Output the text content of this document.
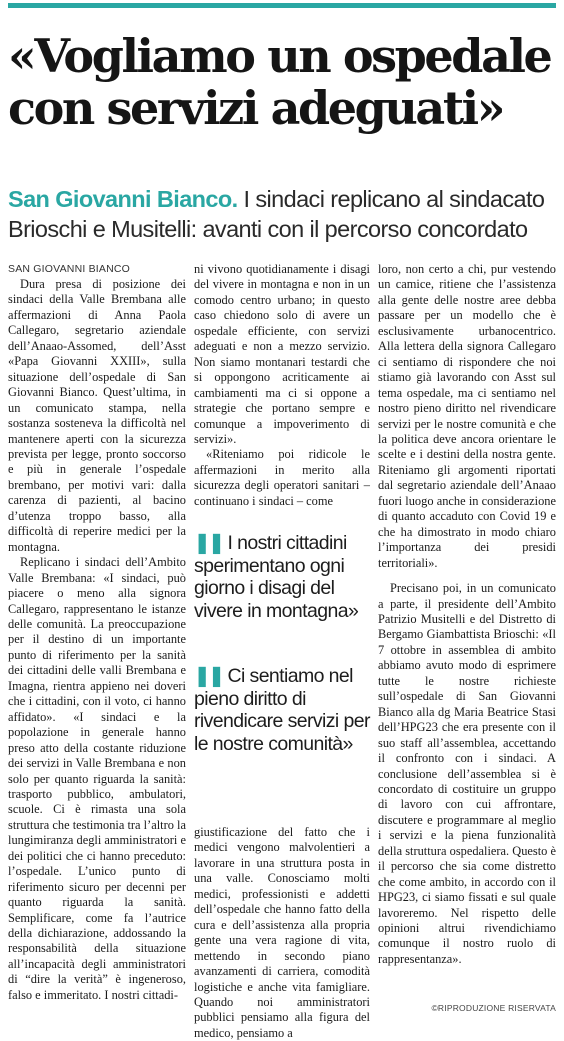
«Vogliamo un ospedale
con servizi adeguati»
San Giovanni Bianco. I sindaci replicano al sindacato
Brioschi e Musitelli: avanti con il percorso concordato
SAN GIOVANNI BIANCO

Dura presa di posizione dei sindaci della Valle Brembana alle affermazioni di Anna Paola Callegaro, segretario aziendale dell’Anaao-Assomed, dell’Asst «Papa Giovanni XXIII», sulla situazione dell’ospedale di San Giovanni Bianco. Quest’ultima, in un comunicato stampa, nella sostanza sosteneva la difficoltà nel mantenere aperti con la sicurezza prevista per legge, pronto soccorso e più in generale l’ospedale brembano, per motivi vari: dalla carenza di pazienti, al bacino d’utenza troppo basso, alla difficoltà di reperire medici per la montagna.

Replicano i sindaci dell’Ambito Valle Brembana: «I sindaci, può piacere o meno alla signora Callegaro, rappresentano le istanze delle comunità. La preoccupazione per il destino di un importante punto di riferimento per la sanità dei cittadini delle valli Brembana e Imagna, rientra appieno nei doveri che i cittadini, con il voto, ci hanno affidato». «I sindaci e la popolazione in generale hanno preso atto della costante riduzione dei servizi in Valle Brembana e non solo per quanto riguarda la sanità: trasporto pubblico, ambulatori, scuole. Ci è rimasta una sola struttura che testimonia tra l’altro la lungimiranza degli amministratori e dei politici che ci hanno preceduto: l’ospedale. L’unico punto di riferimento sicuro per decenni per quanto riguarda la sanità. Semplificare, come fa l’autrice della dichiarazione, addossando la responsabilità della situazione all’incapacità degli amministratori di “dire la verità” è ingeneroso, falso e immeritato. I nostri cittadi-

ni vivono quotidianamente i disagi del vivere in montagna e non in un comodo centro urbano; in questo caso chiedono solo di avere un ospedale efficiente, con servizi adeguati e non a mezzo servizio. Non siamo montanari testardi che si oppongono acriticamente ai cambiamenti ma ci si oppone a strategie che portano sempre e comunque a impoverimento di servizi».

«Riteniamo poi ridicole le affermazioni in merito alla sicurezza degli operatori sanitari – continuano i sindaci – come

❚❚ I nostri cittadini sperimentano ogni giorno i disagi del vivere in montagna»
❚❚ Ci sentiamo nel pieno diritto di rivendicare servizi per le nostre comunità»

giustificazione del fatto che i medici vengono malvolentieri a lavorare in una struttura posta in una valle. Conosciamo molti medici, professionisti e addetti dell’ospedale che hanno fatto della cura e dell’assistenza alla propria gente una vera ragione di vita, mettendo in secondo piano avanzamenti di carriera, comodità logistiche e anche vita famigliare. Quando noi amministratori pubblici pensiamo alla figura del medico, pensiamo a

loro, non certo a chi, pur vestendo un camice, ritiene che l’assistenza alla gente delle nostre aree debba passare per un modello che è esclusivamente urbanocentrico. Alla lettera della signora Callegaro ci sentiamo di rispondere che noi stiamo già lavorando con Asst sul tema ospedale, ma ci sentiamo nel nostro pieno diritto nel rivendicare servizi per le nostre comunità e che la politica deve ancora orientare le scelte e i destini della nostra gente. Riteniamo gli argomenti riportati dal segretario aziendale dell’Anaao fuori luogo anche in considerazione di quanto accaduto con Covid 19 e che ha dimostrato in modo chiaro l’importanza dei presidi territoriali».

Precisano poi, in un comunicato a parte, il presidente dell’Ambito Patrizio Musitelli e del Distretto di Bergamo Giambattista Brioschi: «Il 7 ottobre in assemblea di ambito abbiamo avuto modo di esprimere tutte le nostre richieste sull’ospedale di San Giovanni Bianco alla dg Maria Beatrice Stasi dell’HPG23 che era presente con il suo staff all’assemblea, accettando il confronto con i sindaci. A conclusione dell’assemblea si è concordato di costituire un gruppo di lavoro con cui affrontare, discutere e programmare al meglio i servizi e la piena funzionalità della struttura ospedaliera. Questo è il percorso che sia come distretto che come ambito, in accordo con il HPG23, ci siamo fissati e sul quale lavoreremo. Nel rispetto delle opinioni altrui rivendichiamo comunque il nostro ruolo di rappresentanza».

©RIPRODUZIONE RISERVATA
